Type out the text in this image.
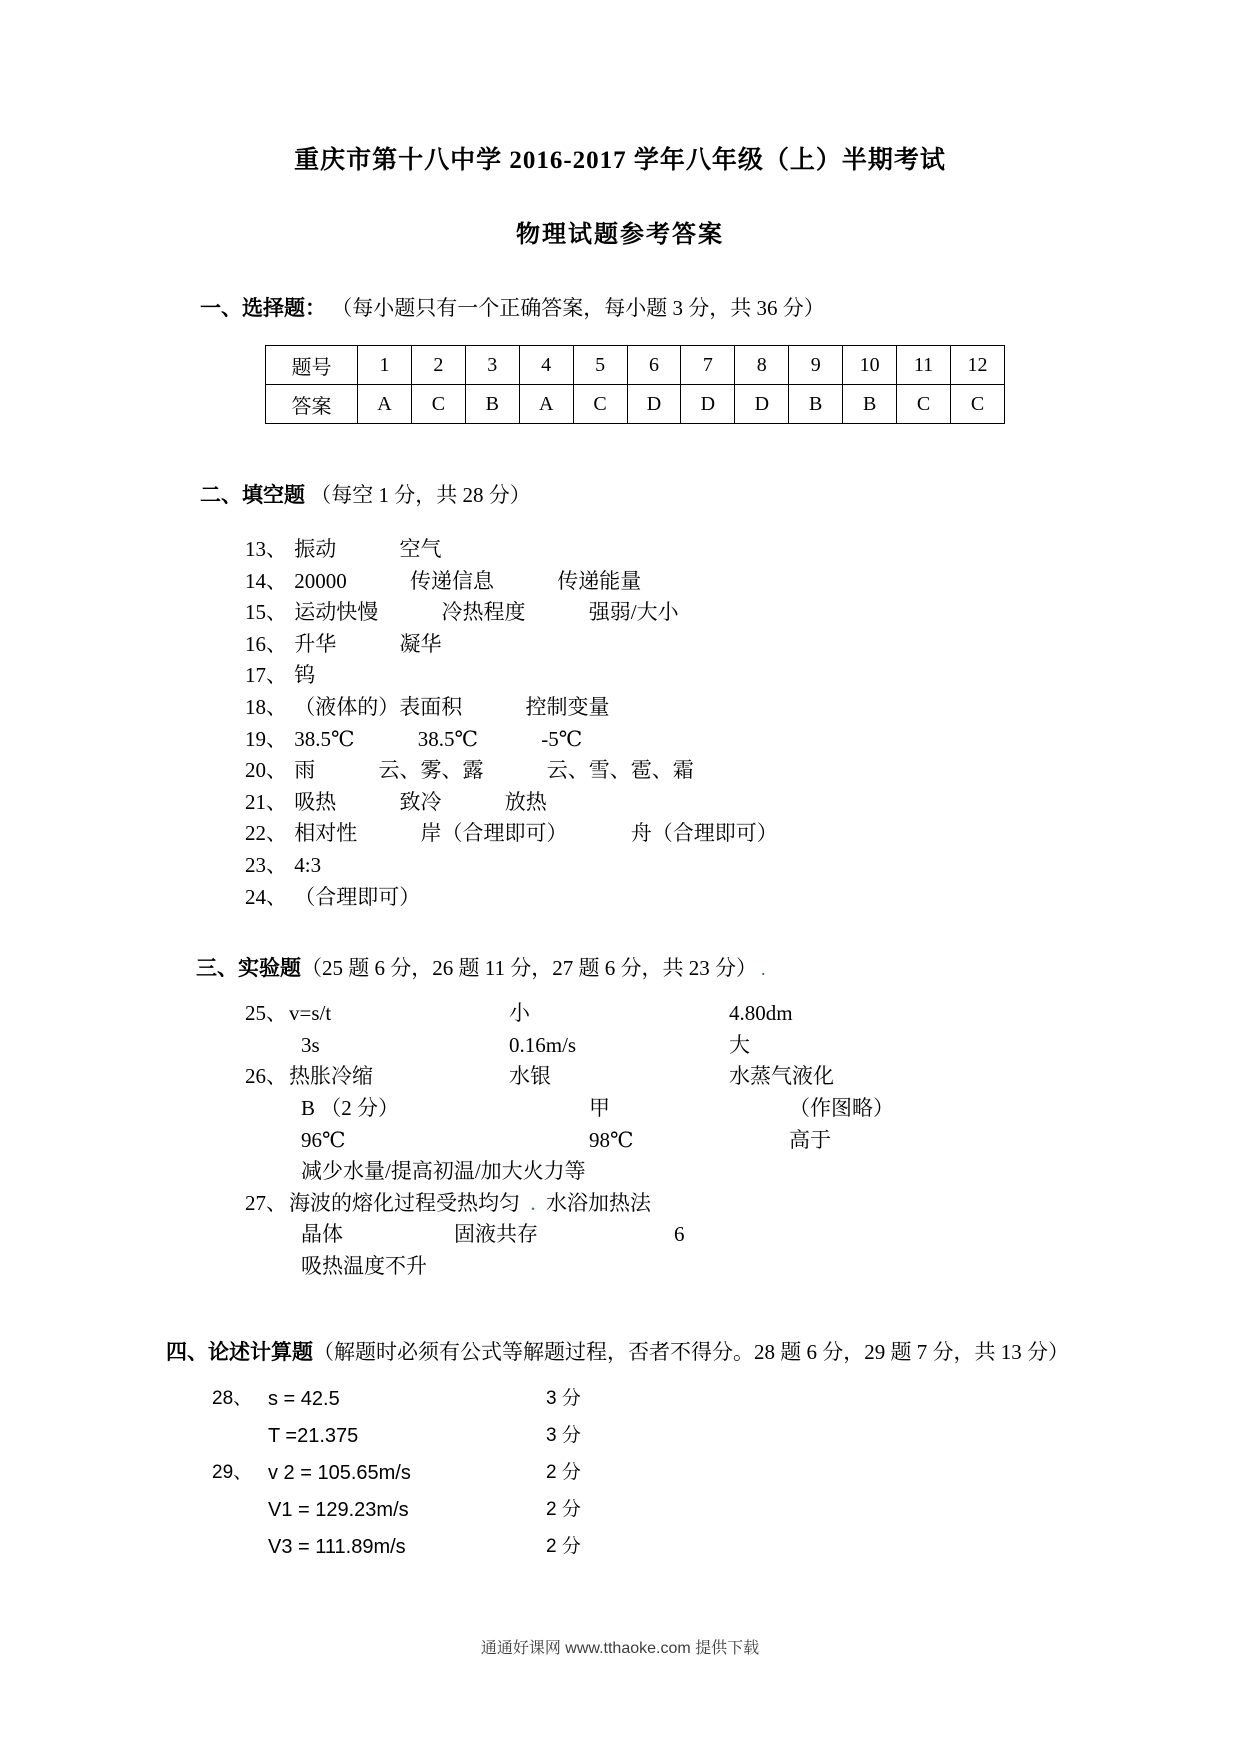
重庆市第十八中学 2016-2017 学年八年级（上）半期考试
物理试题参考答案
一、选择题： （每小题只有一个正确答案，每小题 3 分，共 36 分）
题号	1	2	3	4	5	6	7	8	9	10	11	12
答案	A	C	B	A	C	D	D	D	B	B	C	C
二、填空题 （每空 1 分，共 28 分）
13、 振动	空气
14、 20000	传递信息	传递能量
15、 运动快慢	冷热程度	强弱/大小
16、 升华	凝华
17、 钨
18、 （液体的）表面积	控制变量
19、 38.5℃	38.5℃	-5℃
20、 雨	云、雾、露	云、雪、雹、霜
21、 吸热	致冷	放热
22、 相对性	岸（合理即可）	舟（合理即可）
23、 4:3
24、 （合理即可）
三、实验题（25 题 6 分，26 题 11 分，27 题 6 分，共 23 分） .
25、 v=s/t	小	4.80dm
3s	0.16m/s	大
26、 热胀冷缩	水银	水蒸气液化
B （2 分）	甲	（作图略）
96℃	98℃	高于
减少水量/提高初温/加大火力等
27、 海波的熔化过程受热均匀 . 水浴加热法
晶体	固液共存	6
吸热温度不升
四、论述计算题（解题时必须有公式等解题过程，否者不得分。28 题 6 分，29 题 7 分，共 13 分）
28、 s = 42.5	3 分
T =21.375	3 分
29、 v 2 = 105.65m/s	2 分
V1 = 129.23m/s	2 分
V3 = 111.89m/s	2 分
通通好课网 www.tthaoke.com 提供下载
